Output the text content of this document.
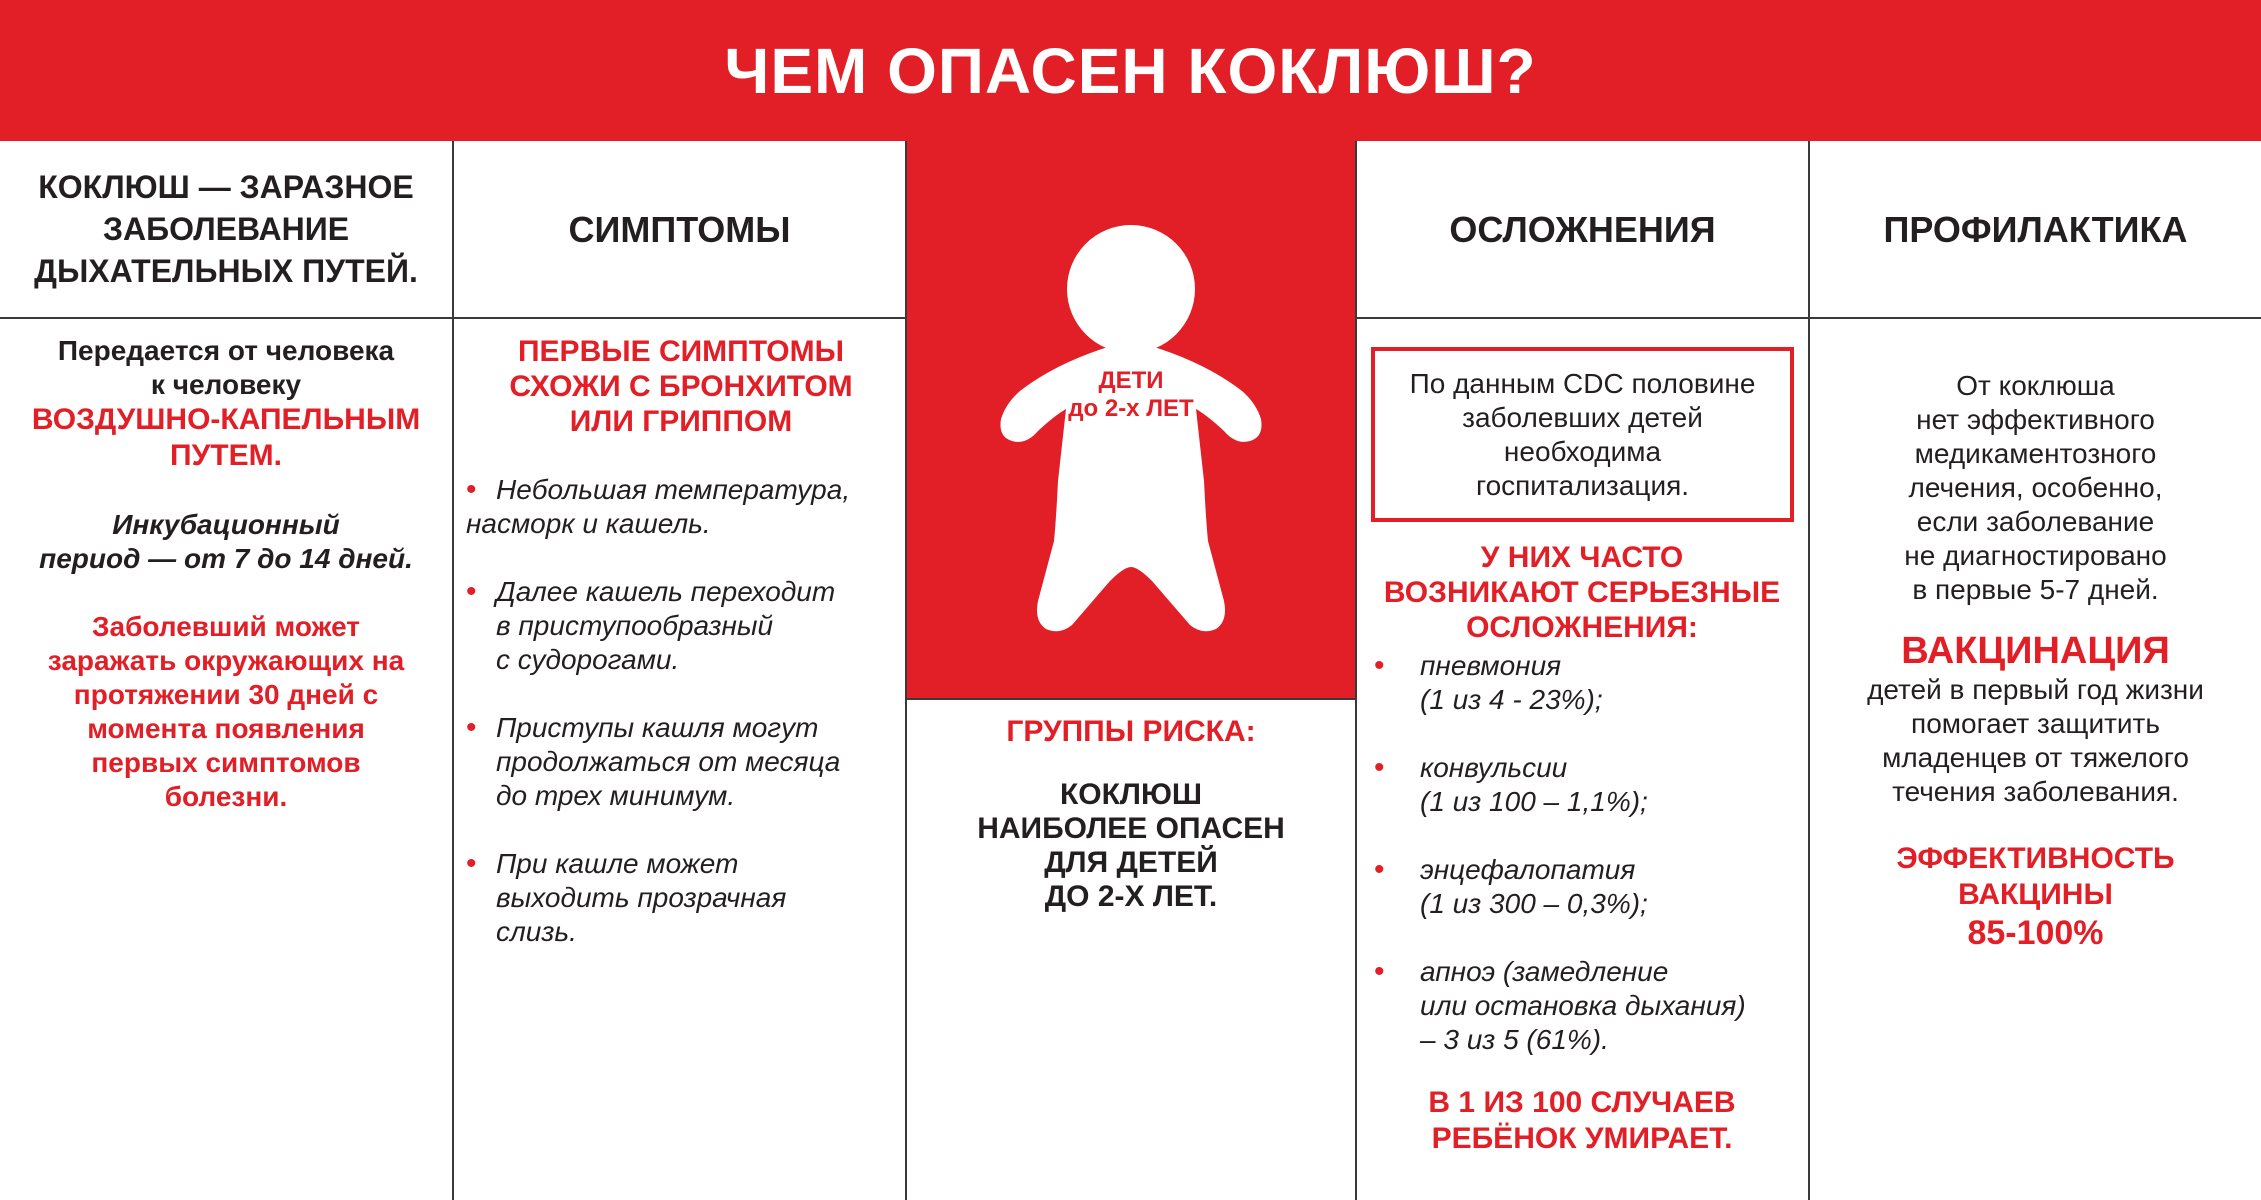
ЧЕМ ОПАСЕН КОКЛЮШ?
ДЕТИ
до 2-х ЛЕТ
КОКЛЮШ — ЗАРАЗНОЕ
ЗАБОЛЕВАНИЕ
ДЫХАТЕЛЬНЫХ ПУТЕЙ.
СИМПТОМЫ	ОСЛОЖНЕНИЯ	ПРОФИЛАКТИКА
Передается от человека
к человеку
ВОЗДУШНО-КАПЕЛЬНЫМ
ПУТЕМ.
Инкубационный
период — от 7 до 14 дней.
Заболевший может
заражать окружающих на
протяжении 30 дней с
момента появления
первых симптомов
болезни.
ПЕРВЫЕ СИМПТОМЫ
СХОЖИ С БРОНХИТОМ
ИЛИ ГРИППОМ
• Небольшая температура,
насморк и кашель.
• Далее кашель переходит
в приступообразный
с судорогами.
• Приступы кашля могут
продолжаться от месяца
до трех минимум.
• При кашле может
выходить прозрачная
слизь.
ГРУППЫ РИСКА:
КОКЛЮШ
НАИБОЛЕЕ ОПАСЕН
ДЛЯ ДЕТЕЙ
ДО 2-Х ЛЕТ.
По данным CDC половине
заболевших детей
необходима
госпитализация.
У НИХ ЧАСТО
ВОЗНИКАЮТ СЕРЬЕЗНЫЕ
ОСЛОЖНЕНИЯ:
• пневмония
(1 из 4 - 23%);
• конвульсии
(1 из 100 – 1,1%);
• энцефалопатия
(1 из 300 – 0,3%);
• апноэ (замедление
или остановка дыхания)
– 3 из 5 (61%).
В 1 ИЗ 100 СЛУЧАЕВ
РЕБЁНОК УМИРАЕТ.
От коклюша
нет эффективного
медикаментозного
лечения, особенно,
если заболевание
не диагностировано
в первые 5-7 дней.
ВАКЦИНАЦИЯ
детей в первый год жизни
помогает защитить
младенцев от тяжелого
течения заболевания.
ЭФФЕКТИВНОСТЬ
ВАКЦИНЫ
85-100%
